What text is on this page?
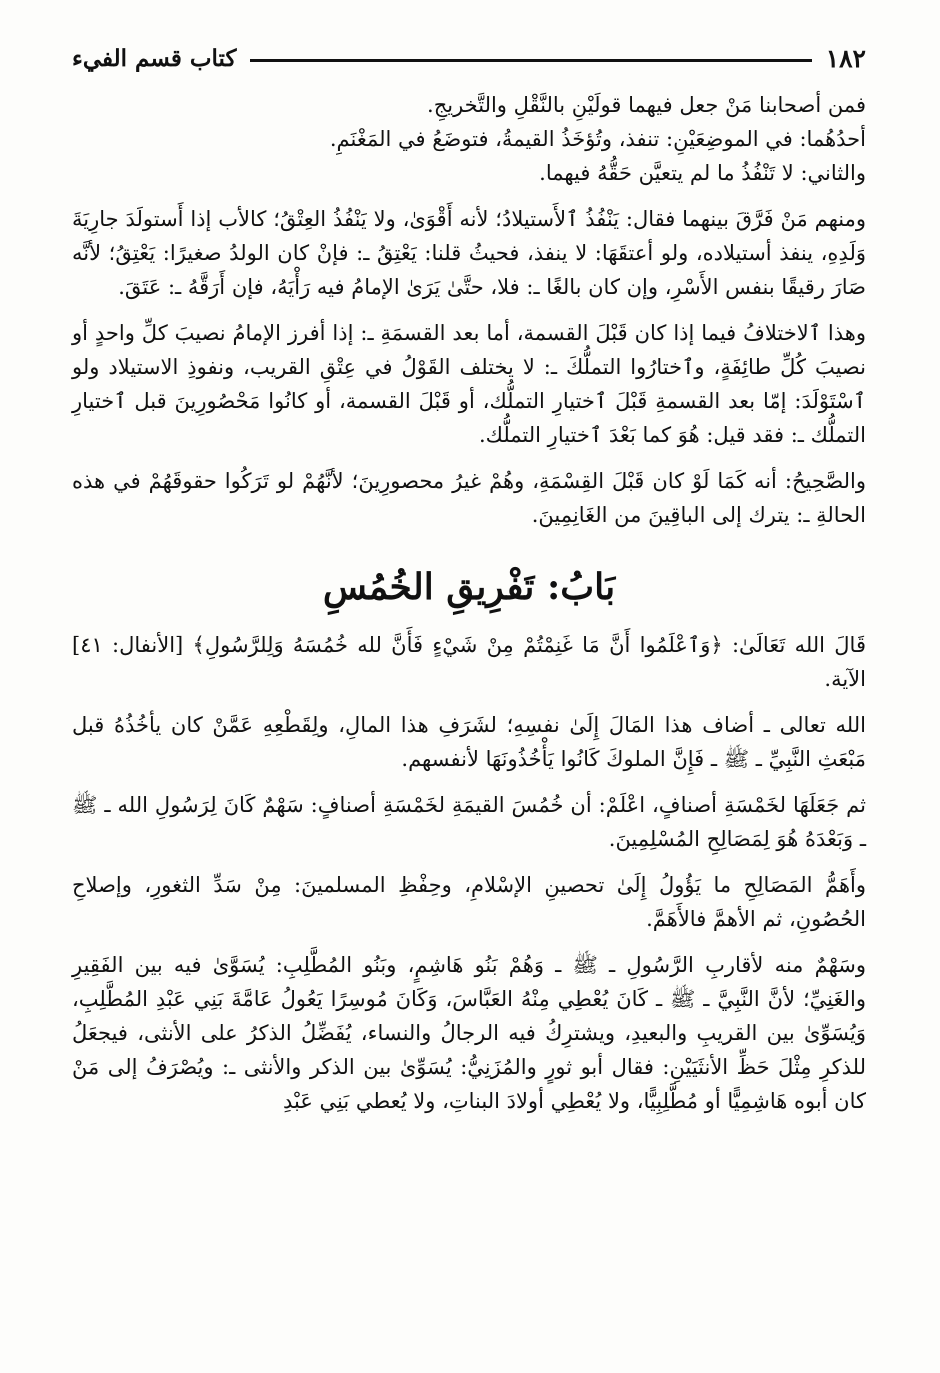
١٨٢
كتاب قسم الفيء

فمن أصحابنا مَنْ جعل فيهما قولَيْنِ بالنَّقْلِ والتَّخريجِ.

أحدُهُما: في الموضِعَيْنِ: تنفذ، وتُؤخَذُ القيمةُ، فتوضَعُ في المَغْنَمِ.

والثاني: لا تَنْفُذُ ما لم يتعيَّن حَقُّهُ فيهما.

ومنهم مَنْ فَرَّقَ بينهما فقال: يَنْفُذُ ٱلأَستيلادُ؛ لأنه أَقْوَىٰ، ولا يَنْفُذُ العِتْقُ؛ كالأب إذا أَستولَدَ جارِيَةَ وَلَدِهِ، ينفذ أستيلاده، ولو أعتقَهَا: لا ينفذ، فحيثُ قلنا: يَعْتِقُ ـ: فإنْ كان الولدُ صغيرًا: يَعْتِقُ؛ لأنَّه صَارَ رقيقًا بنفس الأَسْرِ، وإن كان بالغًا ـ: فلا، حتَّىٰ يَرَىٰ الإمامُ فيه رَأْيَهُ، فإن أَرَقَّهُ ـ: عَتَقَ.

وهذا ٱلاختلافُ فيما إذا كان قَبْلَ القسمة، أما بعد القسمَةِ ـ: إذا أفرز الإمامُ نصيبَ كلِّ واحدٍ أو نصيبَ كُلِّ طائِفَةٍ، وٱختارُوا التملُّكَ ـ: لا يختلف القَوْلُ في عِتْقِ القريب، ونفوذِ الاستيلاد ولو ٱسْتَوْلَدَ: إمّا بعد القسمةِ قَبْلَ ٱختيارِ التملُّك، أو قَبْلَ القسمة، أو كانُوا مَحْصُورِينَ قبل ٱختيارِ التملُّك ـ: فقد قيل: هُوَ كما بَعْدَ ٱختيارِ التملُّك.

والصَّحِيحُ: أنه كَمَا لَوْ كان قَبْلَ القِسْمَةِ، وهُمْ غيرُ محصورِينَ؛ لأنَّهُمْ لو تَرَكُوا حقوقَهُمْ في هذه الحالةِ ـ: يترك إلى الباقِينَ من الغَانِمِينَ.

بَابُ: تَفْرِيقِ الخُمُسِ

قَالَ الله تَعَالَىٰ: ﴿وَٱعْلَمُوا أَنَّ مَا غَنِمْتُمْ مِنْ شَيْءٍ فَأَنَّ لله خُمُسَهُ وَلِلرَّسُولِ﴾ [الأنفال: ٤١] الآية.

الله تعالى ـ أضاف هذا المَالَ إِلَىٰ نفسِهِ؛ لشَرَفِ هذا المالِ، ولِقَطْعِهِ عَمَّنْ كان يأخُذُهُ قبل مَبْعَثِ النَّبِيِّ ـ ﷺ ـ فَإِنَّ الملوكَ كَانُوا يَأْخُذُونَهَا لأنفسهم.

ثم جَعَلَهَا لخَمْسَةِ أصنافٍ، اعْلَمْ: أن خُمُسَ القيمَةِ لخَمْسَةِ أصنافٍ: سَهْمٌ كَانَ لِرَسُولِ الله ـ ﷺ ـ وَبَعْدَهُ هُوَ لِمَصَالِحِ المُسْلِمِينَ.

وأَهَمُّ المَصَالِحِ ما يَؤُولُ إِلَىٰ تحصينِ الإسْلامِ، وحِفْظِ المسلمينَ: مِنْ سَدِّ الثغورِ، وإصلاحِ الحُصُونِ، ثم الأهمَّ فالأَهَمَّ.

وسَهْمٌ منه لأقاربِ الرَّسُولِ ـ ﷺ ـ وَهُمْ بَنُو هَاشِمٍ، وبَنُو المُطَّلِبِ: يُسَوَّىٰ فيه بين الفَقِيرِ والغَنِيِّ؛ لأنَّ النَّبِيَّ ـ ﷺ ـ كَانَ يُعْطِي مِنْهُ العَبَّاسَ، وَكَانَ مُوسِرًا يَعُولُ عَامَّةَ بَنِي عَبْدِ المُطَّلِبِ، وَيُسَوِّىٰ بين القريبِ والبعيدِ، ويشترِكُ فيه الرجالُ والنساء، يُفَضِّلُ الذكرُ على الأنثى، فيجعَلُ للذكرِ مِثْلَ حَظِّ الأنثَيَيْنِ: فقال أبو ثورٍ والمُزَنِيُّ: يُسَوِّىٰ بين الذكر والأنثى ـ: ويُصْرَفُ إلى مَنْ كان أبوه هَاشِمِيًّا أو مُطَّلِبِيًّا، ولا يُعْطِي أولادَ البناتِ، ولا يُعطي بَنِي عَبْدِ
